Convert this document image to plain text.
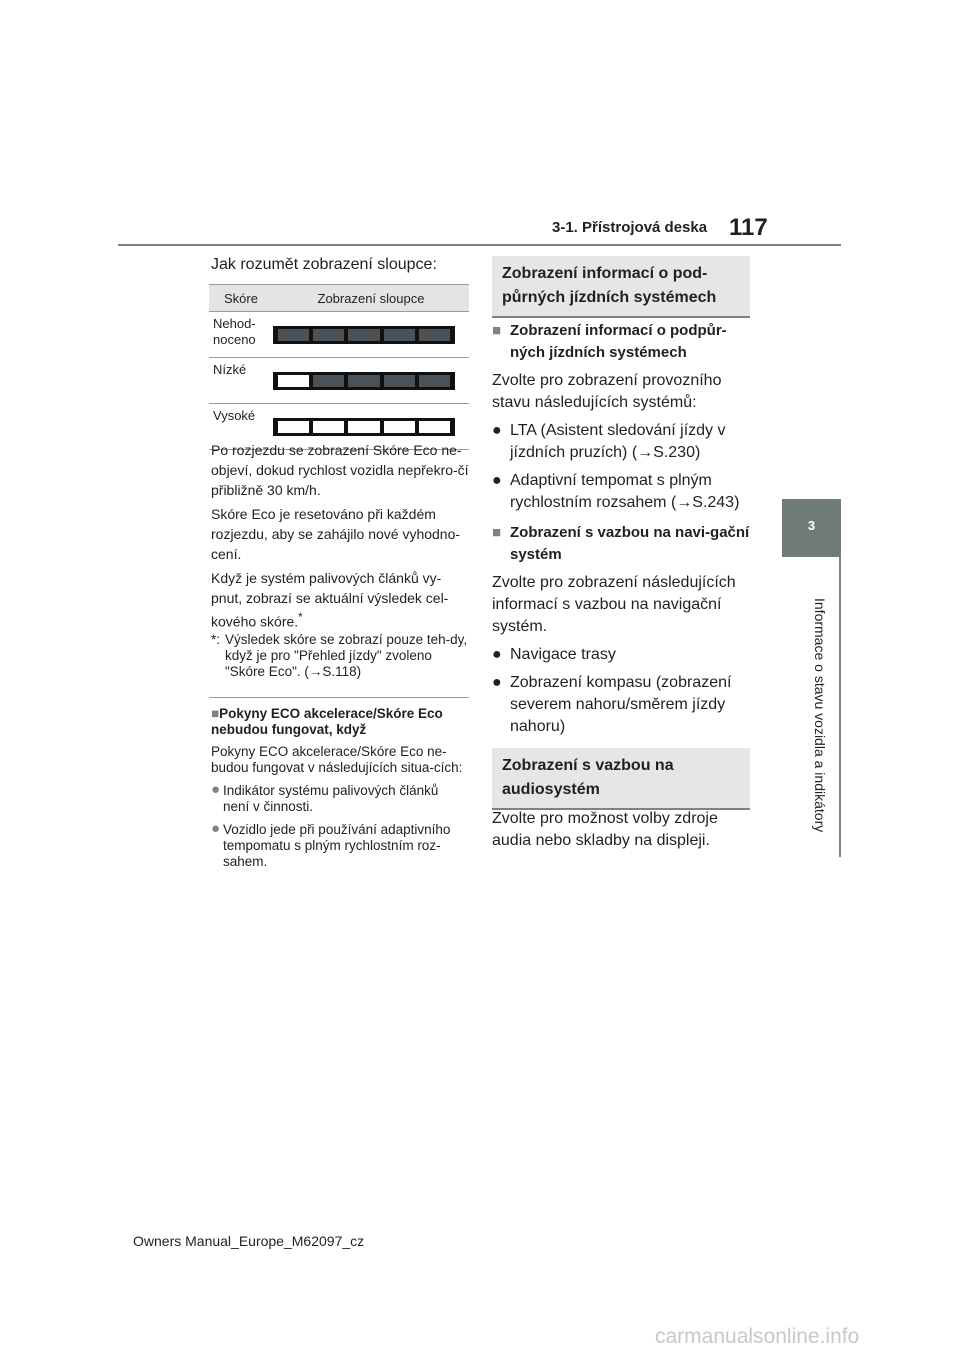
3-1. Přístrojová deska 117
3
Informace o stavu vozidla a indikátory
Jak rozumět zobrazení sloupce:
Skóre	Zobrazení sloupce
Nehod-
noceno	

Nízké	

Vysoké	
Po rozjezdu se zobrazení Skóre Eco ne-objeví, dokud rychlost vozidla nepřekro-čí přibližně 30 km/h.
Skóre Eco je resetováno při každém rozjezdu, aby se zahájilo nové vyhodno-cení.
Když je systém palivových článků vy-pnut, zobrazí se aktuální výsledek cel-kového skóre.*
*: Výsledek skóre se zobrazí pouze teh-dy, když je pro "Přehled jízdy" zvoleno "Skóre Eco". (→S.118)
■Pokyny ECO akcelerace/Skóre Eco nebudou fungovat, když
Pokyny ECO akcelerace/Skóre Eco ne-budou fungovat v následujících situa-cích:
● Indikátor systému palivových článků není v činnosti.
● Vozidlo jede při používání adaptivního tempomatu s plným rychlostním roz-sahem.
Zobrazení informací o pod-půrných jízdních systémech
■ Zobrazení informací o podpůr-ných jízdních systémech
Zvolte pro zobrazení provozního stavu následujících systémů:
● LTA (Asistent sledování jízdy v jízdních pruzích) (→S.230)
● Adaptivní tempomat s plným rychlostním rozsahem (→S.243)
■ Zobrazení s vazbou na navi-gační systém
Zvolte pro zobrazení následujících informací s vazbou na navigační systém.
● Navigace trasy
● Zobrazení kompasu (zobrazení severem nahoru/směrem jízdy nahoru)
Zobrazení s vazbou na audiosystém
Zvolte pro možnost volby zdroje audia nebo skladby na displeji.
Owners Manual_Europe_M62097_cz
carmanualsonline.info
